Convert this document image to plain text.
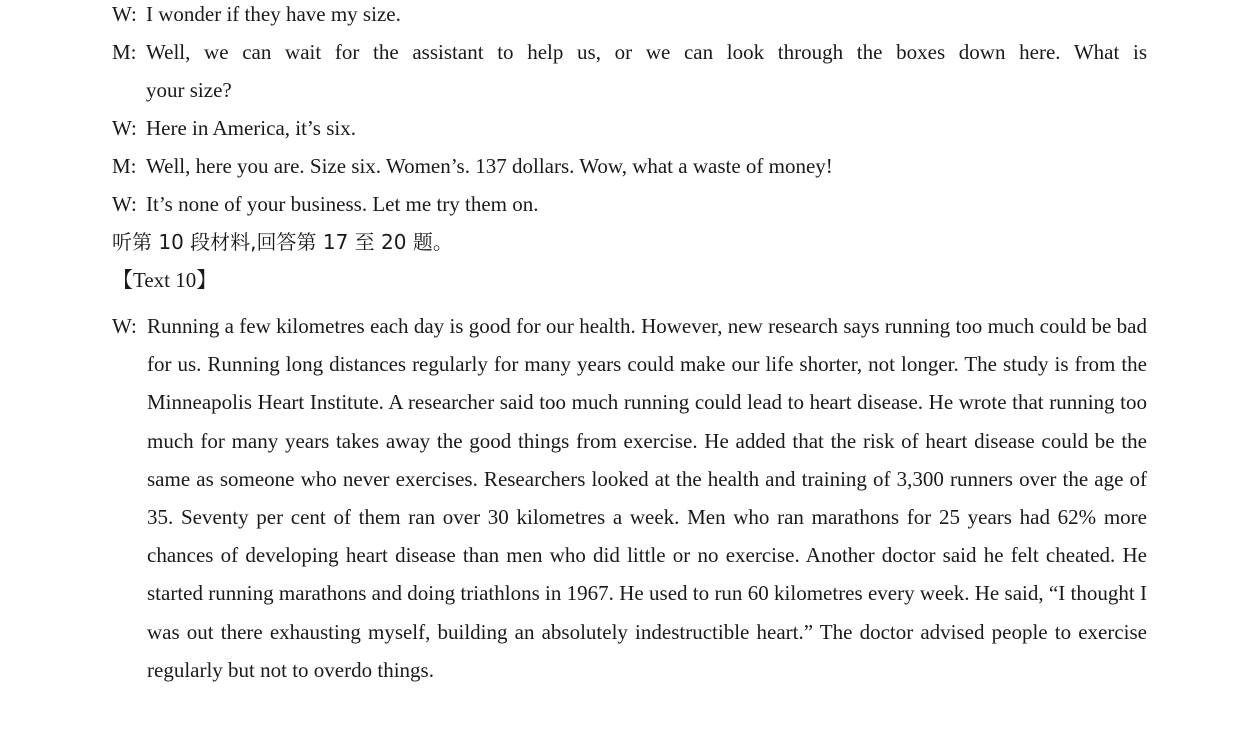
W: I wonder if they have my size.
M: Well, we can wait for the assistant to help us, or we can look through the boxes down here. What is
your size?
W: Here in America, it’s six.
M: Well, here you are. Size six. Women’s. 137 dollars. Wow, what a waste of money!
W: It’s none of your business. Let me try them on.
听第 10 段材料,回答第 17 至 20 题。
【Text 10】
W: Running a few kilometres each day is good for our health. However, new research says running too much could be bad for us. Running long distances regularly for many years could make our life shorter, not longer. The study is from the Minneapolis Heart Institute. A researcher said too much running could lead to heart disease. He wrote that running too much for many years takes away the good things from exercise. He added that the risk of heart disease could be the same as someone who never exercises. Researchers looked at the health and training of 3,300 runners over the age of 35. Seventy per cent of them ran over 30 kilometres a week. Men who ran marathons for 25 years had 62% more chances of developing heart disease than men who did little or no exercise. Another doctor said he felt cheated. He started running marathons and doing triathlons in 1967. He used to run 60 kilometres every week. He said, “I thought I was out there exhausting myself, building an absolutely indestructible heart.” The doctor advised people to exercise regularly but not to overdo things.
